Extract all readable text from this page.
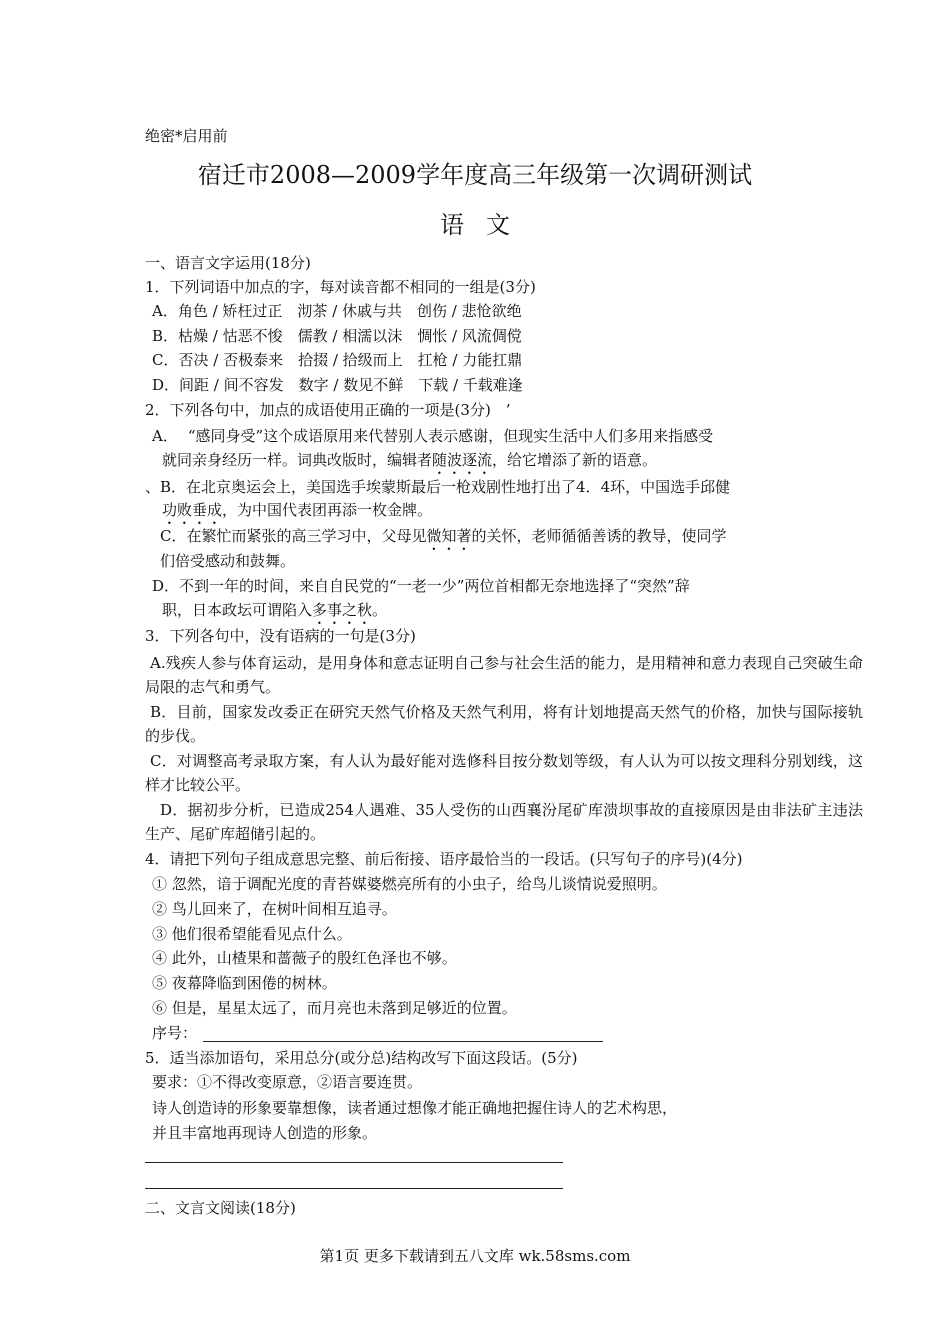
绝密*启用前
宿迁市2008—2009学年度高三年级第一次调研测试
语文
一、语言文字运用(18分)
1．下列词语中加点的字，每对读音都不相同的一组是(3分)
A．角色 / 矫枉过正　沏茶 / 休戚与共　创伤 / 悲怆欲绝
B．枯燥 / 怙恶不悛　儒教 / 相濡以沫　惆怅 / 风流倜傥
C．否决 / 否极泰来　拾掇 / 拾级而上　扛枪 / 力能扛鼎
D．间距 / 间不容发　数字 / 数见不鲜　下载 / 千载难逢
2．下列各句中，加点的成语使用正确的一项是(3分)　’
A． “感同身受”这个成语原用来代替别人表示感谢，但现实生活中人们多用来指感受
就同亲身经历一样。词典改版时，编辑者随波逐流，给它增添了新的语意。
、B．在北京奥运会上，美国选手埃蒙斯最后一枪戏剧性地打出了4．4环，中国选手邱健
功败垂成，为中国代表团再添一枚金牌。
C．在繁忙而紧张的高三学习中，父母见微知著的关怀，老师循循善诱的教导，使同学
们倍受感动和鼓舞。
D．不到一年的时间，来自自民党的“一老一少”两位首相都无奈地选择了“突然”辞
职，日本政坛可谓陷入多事之秋。
3．下列各句中，没有语病的一句是(3分)
A.残疾人参与体育运动，是用身体和意志证明自己参与社会生活的能力，是用精神和意力表现自己突破生命局限的志气和勇气。
B．目前，国家发改委正在研究天然气价格及天然气利用，将有计划地提高天然气的价格，加快与国际接轨的步伐。
C．对调整高考录取方案，有人认为最好能对选修科目按分数划等级，有人认为可以按文理科分别划线，这样才比较公平。
D．据初步分析，已造成254人遇难、35人受伤的山西襄汾尾矿库溃坝事故的直接原因是由非法矿主违法生产、尾矿库超储引起的。
4．请把下列句子组成意思完整、前后衔接、语序最恰当的一段话。(只写句子的序号)(4分)
① 忽然，谙于调配光度的青苔媒婆燃亮所有的小虫子，给鸟儿谈情说爱照明。
② 鸟儿回来了，在树叶间相互追寻。
③ 他们很希望能看见点什么。
④ 此外，山楂果和蔷薇子的殷红色泽也不够。
⑤ 夜幕降临到困倦的树林。
⑥ 但是，星星太远了，而月亮也未落到足够近的位置。
序号：
5．适当添加语句，采用总分(或分总)结构改写下面这段话。(5分)
要求：①不得改变原意，②语言要连贯。
诗人创造诗的形象要靠想像，读者通过想像才能正确地把握住诗人的艺术构思，
并且丰富地再现诗人创造的形象。
二、文言文阅读(18分)
第1页 更多下载请到五八文库 wk.58sms.com
